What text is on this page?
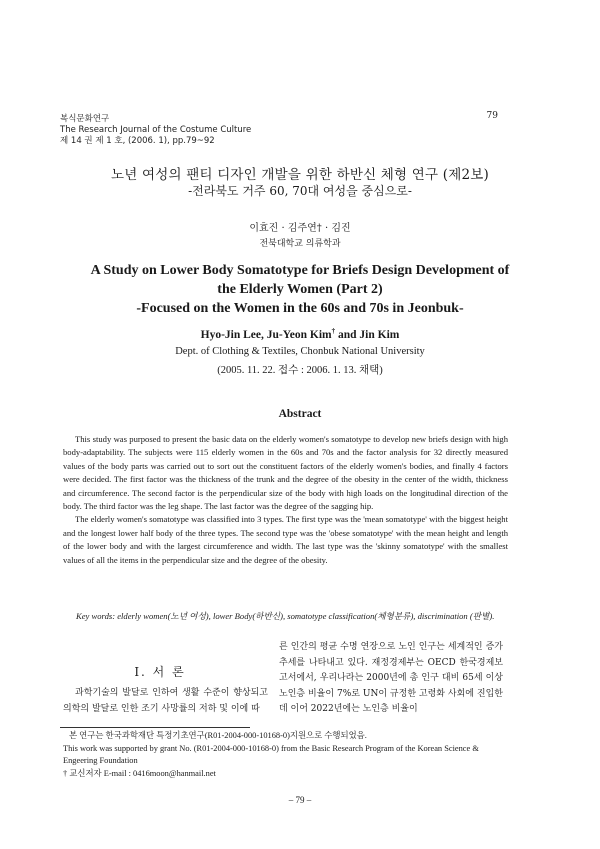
복식문화연구
The Research Journal of the Costume Culture
제 14 권 제 1 호, (2006. 1), pp.79~92
79
노년 여성의 팬티 디자인 개발을 위한 하반신 체형 연구 (제2보)
-전라북도 거주 60, 70대 여성을 중심으로-
이효진 · 김주연† · 김진
전북대학교 의류학과
A Study on Lower Body Somatotype for Briefs Design Development of
the Elderly Women (Part 2)
-Focused on the Women in the 60s and 70s in Jeonbuk-
Hyo-Jin Lee, Ju-Yeon Kim† and Jin Kim
Dept. of Clothing & Textiles, Chonbuk National University
(2005. 11. 22. 접수 : 2006. 1. 13. 채택)
Abstract

This study was purposed to present the basic data on the elderly women's somatotype to develop new briefs design with high body-adaptability. The subjects were 115 elderly women in the 60s and 70s and the factor analysis for 32 directly measured values of the body parts was carried out to sort out the constituent factors of the elderly women's bodies, and finally 4 factors were decided. The first factor was the thickness of the trunk and the degree of the obesity in the center of the width, thickness and circumference. The second factor is the perpendicular size of the body with high loads on the longitudinal direction of the body. The third factor was the leg shape. The last factor was the degree of the sagging hip.

The elderly women's somatotype was classified into 3 types. The first type was the 'mean somatotype' with the biggest height and the longest lower half body of the three types. The second type was the 'obese somatotype' with the mean height and length of the lower body and with the largest circumference and width. The last type was the 'skinny somatotype' with the smallest values of all the items in the perpendicular size and the degree of the obesity.

Key words: elderly women(노년 여성), lower Body(하반신), somatotype classification(체형분류), discrimination (판별).
Ⅰ. 서 론
과학기술의 발달로 인하여 생활 수준이 향상되고 의학의 발달로 인한 조기 사망률의 저하 및 이에 따
른 인간의 평균 수명 연장으로 노인 인구는 세계적인 증가 추세를 나타내고 있다. 재정경제부는 OECD 한국경제보고서에서, 우리나라는 2000년에 총 인구 대비 65세 이상 노인층 비율이 7%로 UN이 규정한 고령화 사회에 진입한데 이어 2022년에는 노인층 비율이
본 연구는 한국과학재단 특정기초연구(R01-2004-000-10168-0)지원으로 수행되었음.
This work was supported by grant No. (R01-2004-000-10168-0) from the Basic Research Program of the Korean Science & Engeering Foundation
† 교신저자 E-mail : 0416moon@hanmail.net
– 79 –
